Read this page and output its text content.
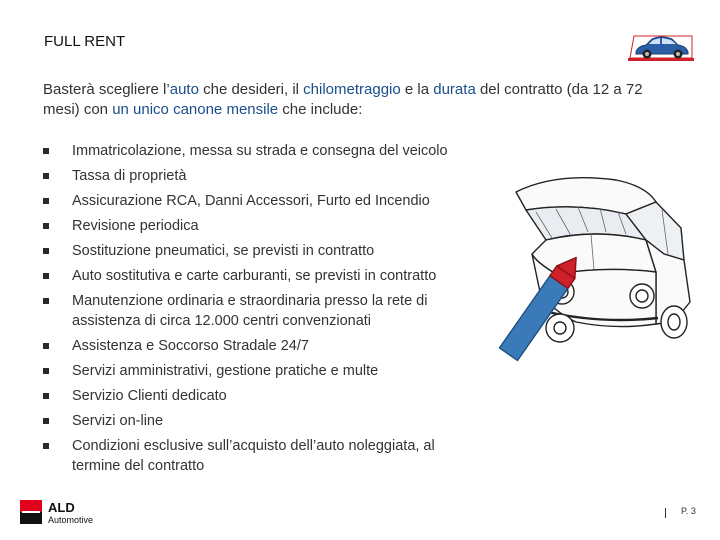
FULL RENT
Basterà scegliere l’auto che desideri, il chilometraggio e la durata del contratto (da 12 a 72 mesi) con un unico canone mensile che include:
Immatricolazione, messa su strada e consegna del veicolo
Tassa di proprietà
Assicurazione RCA, Danni Accessori, Furto ed Incendio
Revisione periodica
Sostituzione pneumatici, se previsti in contratto
Auto sostitutiva e carte carburanti, se previsti in contratto
Manutenzione ordinaria e straordinaria presso la rete di assistenza di circa 12.000 centri convenzionati
Assistenza e Soccorso Stradale 24/7
Servizi amministrativi, gestione pratiche e multe
Servizio Clienti dedicato
Servizi on-line
Condizioni esclusive sull’acquisto dell’auto noleggiata, al termine del contratto
ALD
Automotive
P. 3
